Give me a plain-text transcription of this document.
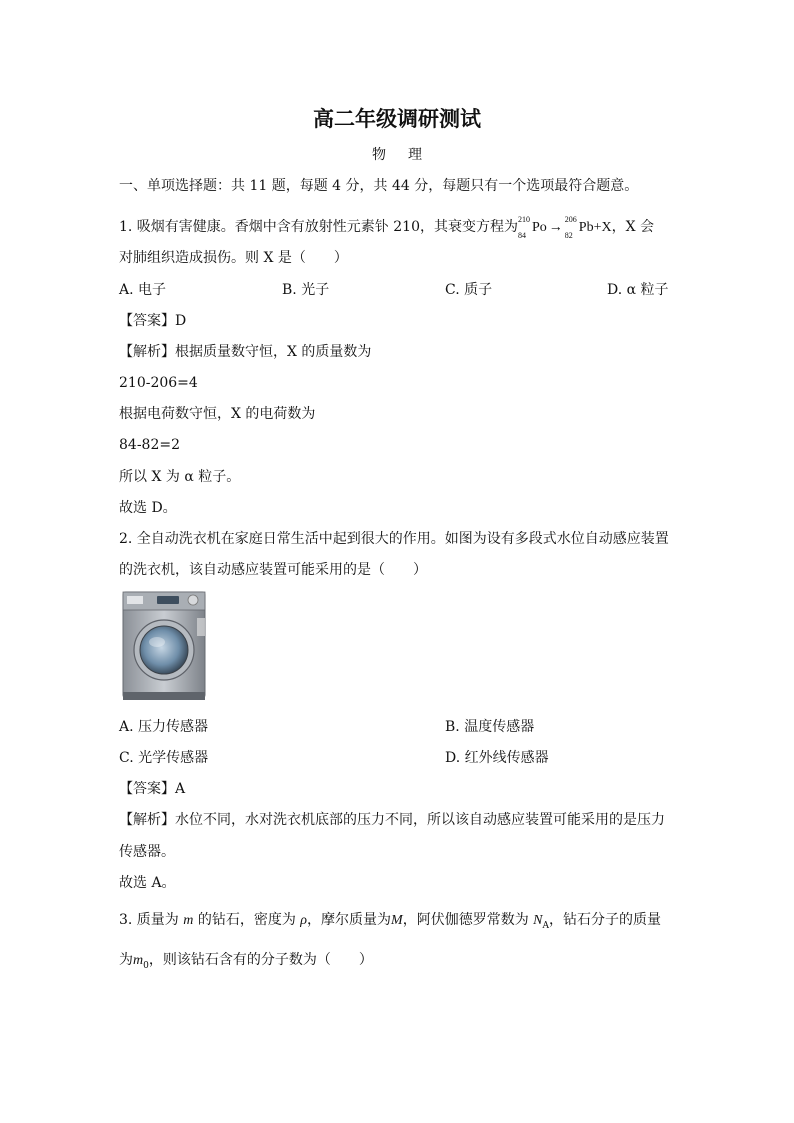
高二年级调研测试
物 理
一、单项选择题：共 11 题，每题 4 分，共 44 分，每题只有一个选项最符合题意。
1. 吸烟有害健康。香烟中含有放射性元素钋 210，其衰变方程为 210
84
Po →
206
82
Pb+X，X 会
对肺组织造成损伤。则 X 是（　　）
A. 电子	B. 光子	C. 质子	D. α 粒子
【答案】D
【解析】根据质量数守恒，X 的质量数为
210-206=4
根据电荷数守恒，X 的电荷数为
84-82=2
所以 X 为 α 粒子。
故选 D。
2. 全自动洗衣机在家庭日常生活中起到很大的作用。如图为设有多段式水位自动感应装置
的洗衣机，该自动感应装置可能采用的是（　　）
A. 压力传感器	B. 温度传感器
C. 光学传感器	D. 红外线传感器
【答案】A
【解析】水位不同，水对洗衣机底部的压力不同，所以该自动感应装置可能采用的是压力
传感器。
故选 A。
3. 质量为 m 的钻石，密度为 ρ，摩尔质量为M，阿伏伽德罗常数为 $N_A$，钻石分子的质量
为$m_0$，则该钻石含有的分子数为（　　）
